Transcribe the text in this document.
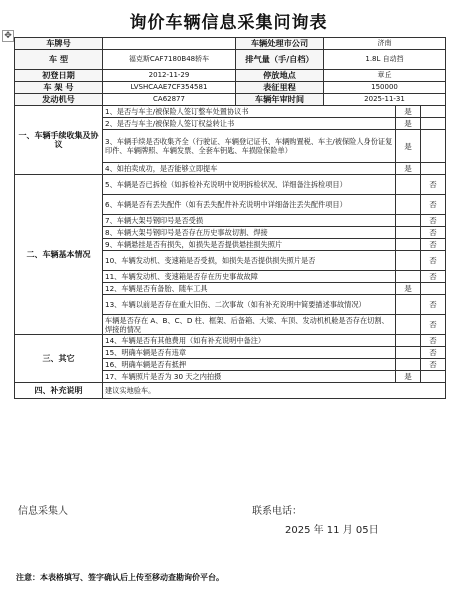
询价车辆信息采集问询表
✥
车牌号		车辆处理市公司	济南		
车 型	福克斯CAF7180B48轿车	排气量（手/自档）	1.8L 自动挡		
初登日期	2012-11-29	停放地点	章丘		
车 架 号	LVSHCAAE7CF354581	表征里程	150000		
发动机号	CA62877	车辆年审时间	2025-11-31		
一、车辆手续收集及协议	1、是否与车主/被保险人签订整车处置协议书			是	
	2、是否与车主/被保险人签订权益转让书			是	
	3、车辆手续是否收集齐全（行驶证、车辆登记证书、车辆购置税、车主/被保险人身份证复印件、车辆牌照、车辆发票、全套车钥匙、车损险保险单）			是	
	4、如拍卖成功，是否能够立即提车			是	
二、车辆基本情况	5、车辆是否已拆检（如拆检补充说明中说明拆检状况、详细备注拆检项目）				否
	6、车辆是否有丢失配件（如有丢失配件补充说明中详细备注丢失配件项目）				否
	7、车辆大架号钢印号是否受损				否
	8、车辆大架号钢印号是否存在历史事故切割、焊接				否
	9、车辆悬挂是否有损失，如损失是否提供悬挂损失照片				否
	10、车辆发动机、变速箱是否受损，如损失是否提供损失照片是否				否
	11、车辆发动机、变速箱是否存在历史事故故障				否
	12、车辆是否有备胎、随车工具			是	
	13、车辆以前是否存在重大旧伤、二次事故（如有补充说明中简要描述事故情况）				否
	车辆是否存在 A、B、C、D 柱、框架、后备箱、大梁、车顶、发动机机舱是否存在切割、焊接的情况				否
三、其它	14、车辆是否有其他费用（如有补充说明中备注）				否
	15、明确车辆是否有违章				否
	16、明确车辆是否有抵押				否
	17、车辆照片是否为 30 天之内拍摄			是	
四、补充说明	建议实地验车。				
信息采集人	联系电话：
2025 年 11 月 05日
注意：本表格填写、签字确认后上传至移动查勘询价平台。
